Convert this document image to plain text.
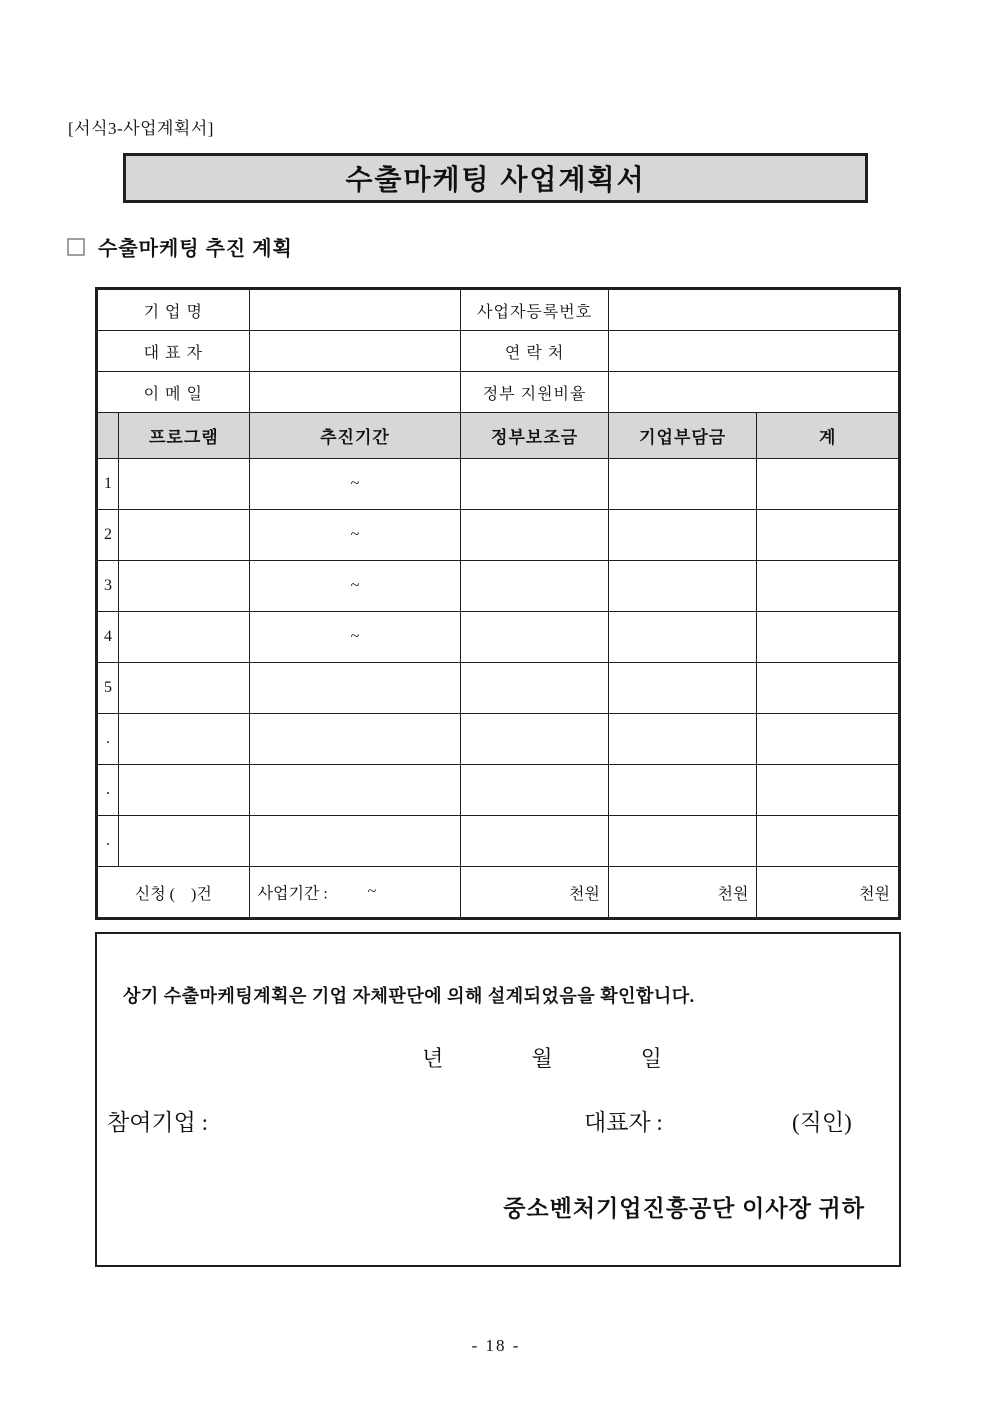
[서식3-사업계획서]
수출마케팅 사업계획서
수출마케팅 추진 계획
기 업 명			사업자등록번호		
대 표 자			연 락 처		
이 메 일			정부 지원비율		
	프로그램	추진기간	정부보조금	기업부담금	계
1		~			
2		~			
3		~			
4		~			
5					
.					
.					
.					
신청 (    )건		사업기간 : ~	천원	천원	천원
상기 수출마케팅계획은 기업 자체판단에 의해 설계되었음을 확인합니다.
년	월	일
참여기업 :	대표자 :	(직인)
중소벤처기업진흥공단 이사장 귀하
- 18 -
